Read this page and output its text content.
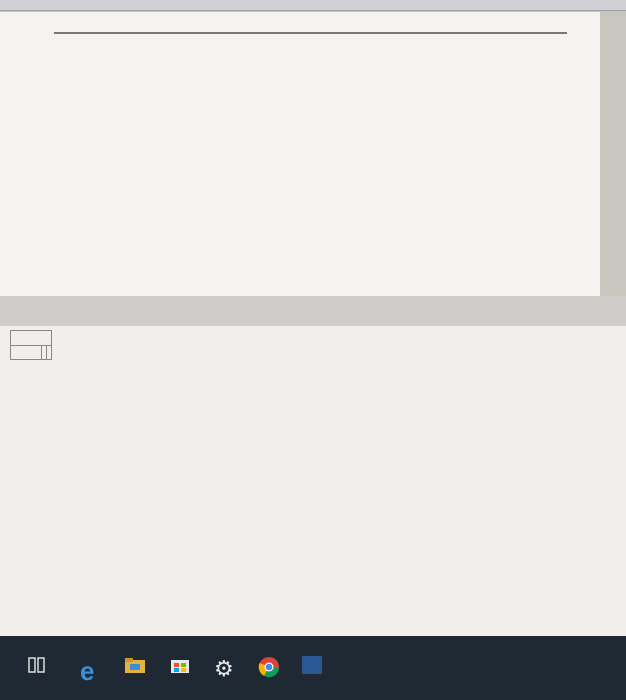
e	⚙
